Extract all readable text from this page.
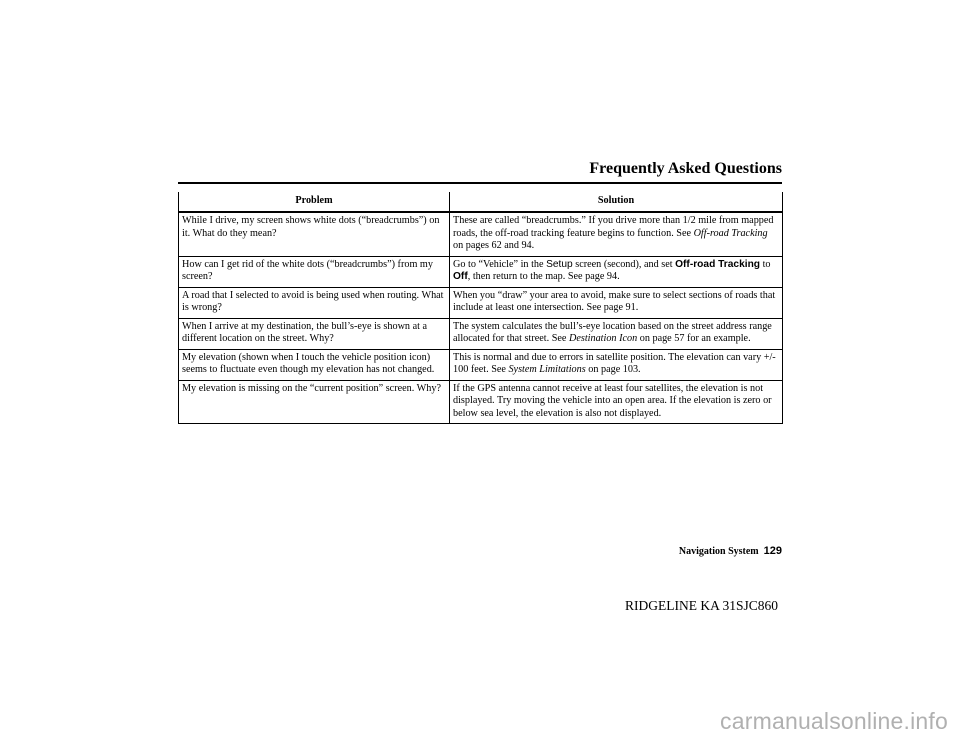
Frequently Asked Questions
Problem	Solution
While I drive, my screen shows white dots (“breadcrumbs”) on it. What do they mean?	These are called “breadcrumbs.” If you drive more than 1/2 mile from mapped roads, the off-road tracking feature begins to function. See Off-road Tracking on pages 62 and 94.
How can I get rid of the white dots (“breadcrumbs”) from my screen?	Go to “Vehicle” in the Setup screen (second), and set Off-road Tracking to Off, then return to the map. See page 94.
A road that I selected to avoid is being used when routing. What is wrong?	When you “draw” your area to avoid, make sure to select sections of roads that include at least one intersection. See page 91.
When I arrive at my destination, the bull’s-eye is shown at a different location on the street. Why?	The system calculates the bull’s-eye location based on the street address range allocated for that street. See Destination Icon on page 57 for an example.
My elevation (shown when I touch the vehicle position icon) seems to fluctuate even though my elevation has not changed.	This is normal and due to errors in satellite position. The elevation can vary +/- 100 feet. See System Limitations on page 103.
My elevation is missing on the “current position” screen. Why?	If the GPS antenna cannot receive at least four satellites, the elevation is not displayed. Try moving the vehicle into an open area. If the elevation is zero or below sea level, the elevation is also not displayed.
Navigation System 129
RIDGELINE KA 31SJC860
carmanualsonline.info
